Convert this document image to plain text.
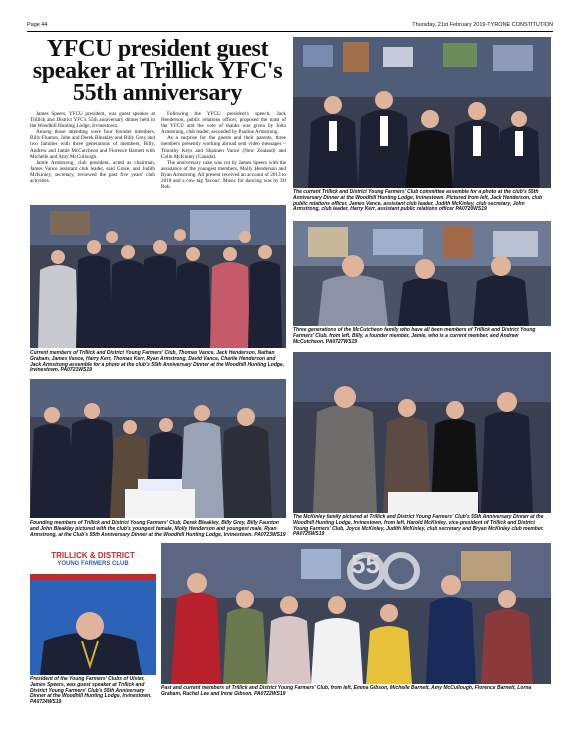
Page 44	Thursday, 21st February 2019-TYRONE CONSTITUTION
YFCU president guest speaker at Trillick YFC's 55th anniversary

James Speers, YFCU president, was guest speaker at Trillick and District YFC's 55th anniversary dinner held in the Woodhill Hunting Lodge, Irvinestown.

Among those attending were four founder members, Billy Fiunton, John and Derek Bleakley and Billy Grey and two families with three generations of members, Billy, Andrew and Jamie McCutcheon and Florence Barnett with Michelle and Amy McCullough.

Jamie Armstrong, club president, acted as chairman, James Vance assistant club leader, said Grace, and Judith McKinley, secretary, reviewed the past five years' club activities.

Following the YFCU president's speech, Jack Henderson, public relations officer, proposed the toast of the YFCU and the vote of thanks was given by John Armstrong, club leader, seconded by Pauline Armstrong.

As a surprise for the guests and their parents, three members presently working abroad sent video messages – Timothy Keys and Shannen Vance (New Zealand) and Colin McKinley (Canada).

The anniversary cake was cut by James Speers with the assistance of the youngest members, Molly Henderson and Ryan Armstrong. All present received an account of 2013 to 2018 and a cow tag 'favour'. Music for dancing was by DJ Bob.

The current Trillick and District Young Farmers' Club committee assemble for a photo at the club's 55th Anniversary Dinner at the Woodhill Hunting Lodge, Irvinestown. Pictured from left, Jack Henderson, club public relations officer, James Vance, assistant club leader, Judith McKinley, club secretary, John Armstrong, club leader, Harry Kerr, assistant public relations officer PA0720WS19
Current members of Trillick and District Young Farmers' Club, Thomas Vance, Jack Henderson, Nathan Graham, James Vance, Harry Kerr, Thomas Kerr, Ryan Armstrong, David Vance, Charlie Henderson and Jack Armstrong assemble for a photo at the club's 55th Anniversary Dinner at the Woodhill Hunting Lodge, Irvinestown. PA0721WS19
Three generations of the McCutcheon family who have all been members of Trillick and District Young Farmers' Club, from left, Billy, a founder member, Jamie, who is a current member, and Andrew McCutcheon. PA0727WS19
Founding members of Trillick and District Young Farmers' Club, Derek Bleakley, Billy Grey, Billy Faunton and John Bleakley pictured with the club's youngest female, Molly Henderson and youngest male, Ryan Armstrong, at the Club's 55th Anniversary Dinner at the Woodhill Hunting Lodge, Irvinestown. PA0723WS19
The McKinley family pictured at Trillick and District Young Farmers' Club's 55th Anniversary Dinner at the Woodhill Hunting Lodge, Irvinestown, from left, Harold McKinley, vice-president of Trillick and District Young Farmers' Club, Joyce McKinley, Judith McKinley, club secretary and Bryan McKinley club member. PA0725WS19
TRILLICK & DISTRICT
YOUNG FARMERS CLUB
President of the Young Farmers' Clubs of Ulster, James Speers, was guest speaker at Trillick and District Young Farmers' Club's 55th Anniversary Dinner at the Woodhill Hunting Lodge, Irvinestown. PA0724WS19
55
Past and current members of Trillick and District Young Farmers' Club, from left, Emma Gibson, Michelle Barnett, Amy McCullough, Florence Barnett, Lorna Graham, Rachel Lee and Irene Gibson. PA0722WS19
